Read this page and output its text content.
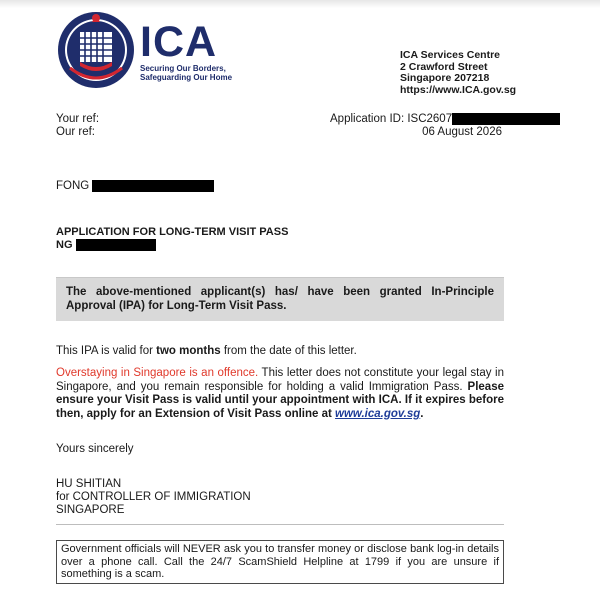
ICA
Securing Our Borders,
Safeguarding Our Home
ICA Services Centre
2 Crawford Street
Singapore 207218
https://www.ICA.gov.sg
Your ref:
Our ref:
Application ID: ISC2607
06 August 2026
FONG
APPLICATION FOR LONG-TERM VISIT PASS
NG

The above-mentioned applicant(s) has/ have been granted In-Principle Approval (IPA) for Long-Term Visit Pass.

This IPA is valid for two months from the date of this letter.
Overstaying in Singapore is an offence. This letter does not constitute your legal stay in Singapore, and you remain responsible for holding a valid Immigration Pass. Please ensure your Visit Pass is valid until your appointment with ICA. If it expires before then, apply for an Extension of Visit Pass online at www.ica.gov.sg.
Yours sincerely
HU SHITIAN
for CONTROLLER OF IMMIGRATION
SINGAPORE
Government officials will NEVER ask you to transfer money or disclose bank log-in details over a phone call. Call the 24/7 ScamShield Helpline at 1799 if you are unsure if something is a scam.
